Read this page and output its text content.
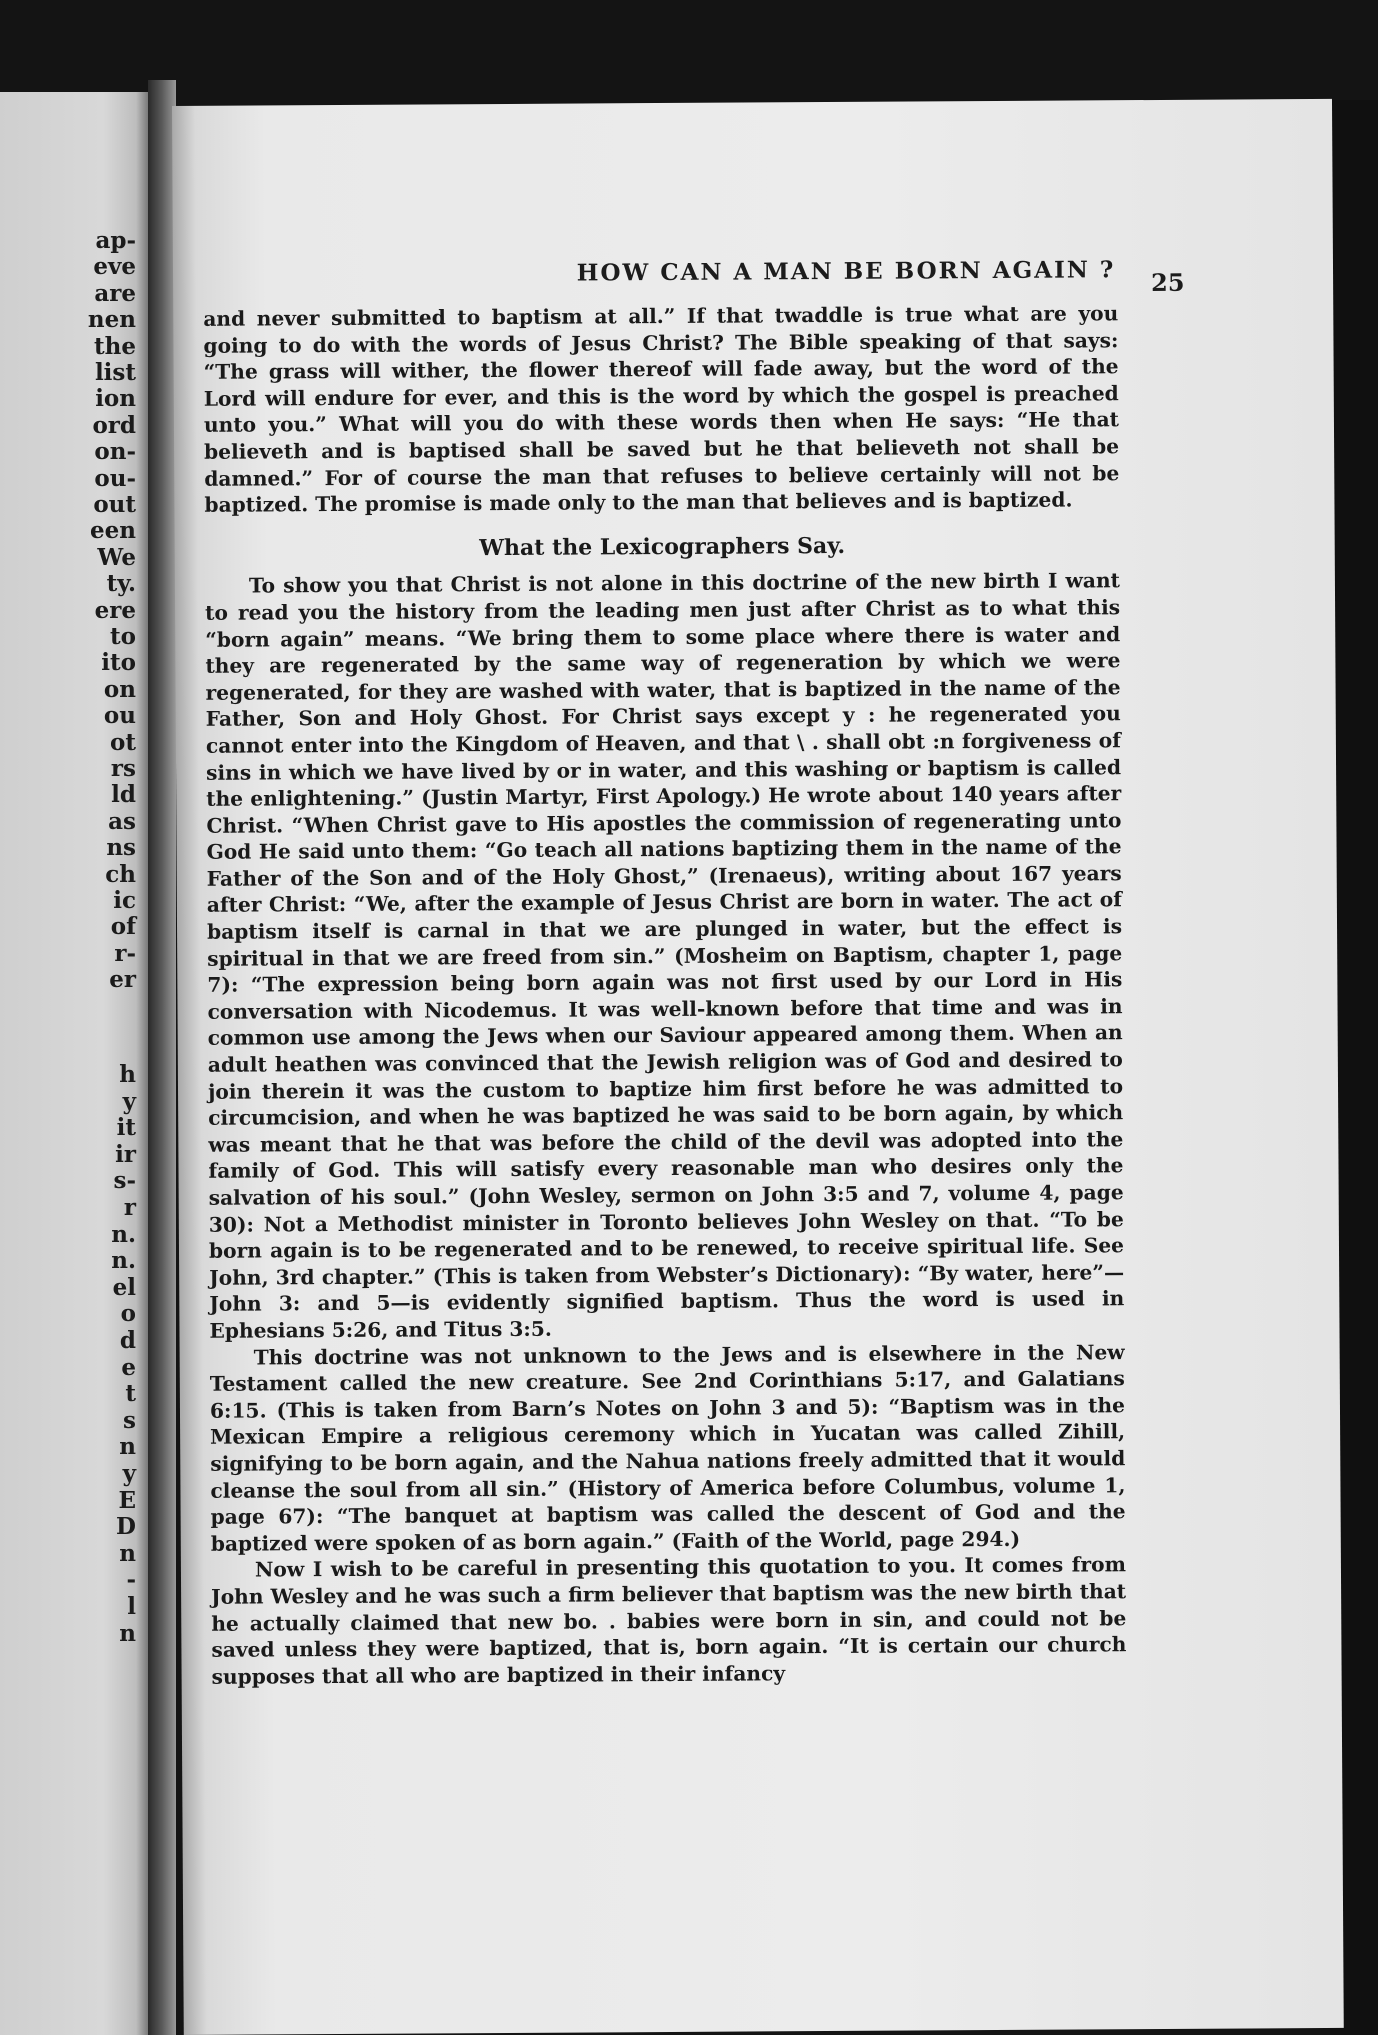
ap-
eve
are
nen
the
list
ion
ord
on-
ou-
out
een
We
ty.
ere
to
ito
on
ou
ot
rs
ld
as
ns
ch
ic
of
r-
er
h
y
it
ir
s-
r
n.
n.
el
o
d
e
t
s
n
y
E
D
n
-
l
n
HOW CAN A MAN BE BORN AGAIN ?	25

and never submitted to baptism at all.” If that twaddle is true what are you going to do with the words of Jesus Christ? The Bible speaking of that says: “The grass will wither, the flower thereof will fade away, but the word of the Lord will endure for ever, and this is the word by which the gospel is preached unto you.” What will you do with these words then when He says: “He that believeth and is baptised shall be saved but he that believeth not shall be damned.” For of course the man that refuses to believe certainly will not be baptized. The promise is made only to the man that believes and is baptized.

What the Lexicographers Say.

To show you that Christ is not alone in this doctrine of the new birth I want to read you the history from the leading men just after Christ as to what this “born again” means. “We bring them to some place where there is water and they are regenerated by the same way of regeneration by which we were regenerated, for they are washed with water, that is baptized in the name of the Father, Son and Holy Ghost. For Christ says except y : he regenerated you cannot enter into the Kingdom of Heaven, and that \ . shall obt :n forgiveness of sins in which we have lived by or in water, and this washing or baptism is called the enlightening.” (Justin Martyr, First Apology.) He wrote about 140 years after Christ. “When Christ gave to His apostles the commission of regenerating unto God He said unto them: “Go teach all nations baptizing them in the name of the Father of the Son and of the Holy Ghost,” (Irenaeus), writing about 167 years after Christ: “We, after the example of Jesus Christ are born in water. The act of baptism itself is carnal in that we are plunged in water, but the effect is spiritual in that we are freed from sin.” (Mosheim on Baptism, chapter 1, page 7): “The expression being born again was not first used by our Lord in His conversation with Nicodemus. It was well-known before that time and was in common use among the Jews when our Saviour appeared among them. When an adult heathen was convinced that the Jewish religion was of God and desired to join therein it was the custom to baptize him first before he was admitted to circumcision, and when he was baptized he was said to be born again, by which was meant that he that was before the child of the devil was adopted into the family of God. This will satisfy every reasonable man who desires only the salvation of his soul.” (John Wesley, sermon on John 3:5 and 7, volume 4, page 30): Not a Methodist minister in Toronto believes John Wesley on that. “To be born again is to be regenerated and to be renewed, to receive spiritual life. See John, 3rd chapter.” (This is taken from Webster’s Dictionary): “By water, here”—John 3: and 5—is evidently signified baptism. Thus the word is used in Ephesians 5:26, and Titus 3:5.

This doctrine was not unknown to the Jews and is elsewhere in the New Testament called the new creature. See 2nd Corinthians 5:17, and Galatians 6:15. (This is taken from Barn’s Notes on John 3 and 5): “Baptism was in the Mexican Empire a religious ceremony which in Yucatan was called Zihill, signifying to be born again, and the Nahua nations freely admitted that it would cleanse the soul from all sin.” (History of America before Columbus, volume 1, page 67): “The banquet at baptism was called the descent of God and the baptized were spoken of as born again.” (Faith of the World, page 294.)

Now I wish to be careful in presenting this quotation to you. It comes from John Wesley and he was such a firm believer that baptism was the new birth that he actually claimed that new bo. . babies were born in sin, and could not be saved unless they were baptized, that is, born again. “It is certain our church supposes that all who are baptized in their infancy
